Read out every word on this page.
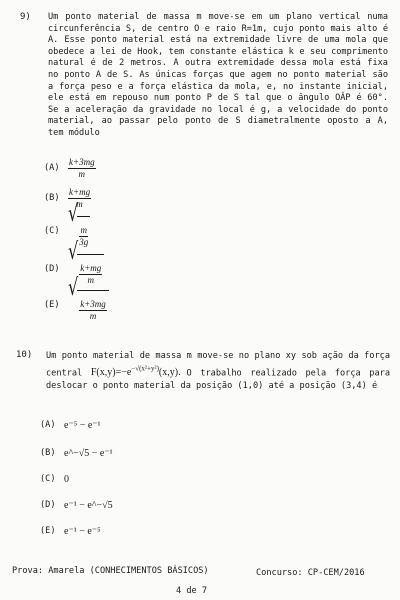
9) Um ponto material de massa m move-se em um plano vertical numa circunferência S, de centro O e raio R=1m, cujo ponto mais alto é A. Esse ponto material está na extremidade livre de uma mola que obedece a lei de Hook, tem constante elástica k e seu comprimento natural é de 2 metros. A outra extremidade dessa mola está fixa no ponto A de S. As únicas forças que agem no ponto material são a força peso e a força elástica da mola, e, no instante inicial, ele está em repouso num ponto P de S tal que o ângulo OÂP é 60°. Se a aceleração da gravidade no local é g, a velocidade do ponto material, ao passar pelo ponto de S diametralmente oposto a A, tem módulo
$(A) \frac{k+3mg}{m}$
$(B) \frac{k+mg}{m}$
(C)
√
$\frac{m}{3g}$
(D)
√
$\frac{k+mg}{m}$
(E)
√
$\frac{k+3mg}{m}$
10) Um ponto material de massa m move-se no plano xy sob ação da força central $F(x,y)=-e^{-√(x^2+y^2)}(x,y)$. O trabalho realizado pela força para deslocar o ponto material da posição (1,0) até a posição (3,4) é
(A) e⁻⁵ − e⁻¹
(B) e^−√5 − e⁻¹
(C) 0
(D) e⁻¹ − e^−√5
(E) e⁻¹ − e⁻⁵
Prova: Amarela (CONHECIMENTOS BÁSICOS)	Concurso: CP-CEM/2016
4 de 7
